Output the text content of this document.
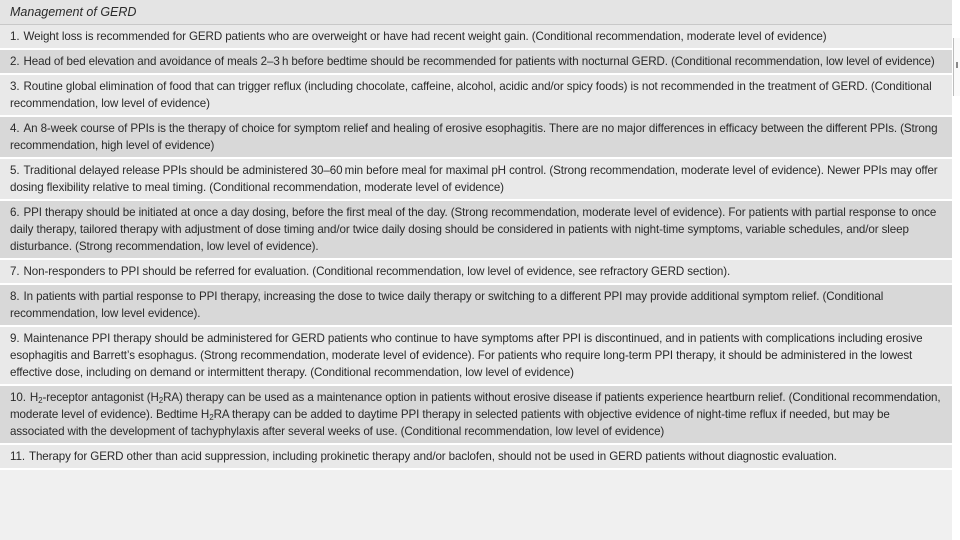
Management of GERD
1. Weight loss is recommended for GERD patients who are overweight or have had recent weight gain. (Conditional recommendation, moderate level of evidence)
2. Head of bed elevation and avoidance of meals 2–3 h before bedtime should be recommended for patients with nocturnal GERD. (Conditional recommendation, low level of evidence)
3. Routine global elimination of food that can trigger reflux (including chocolate, caffeine, alcohol, acidic and/or spicy foods) is not recommended in the treatment of GERD. (Conditional recommendation, low level of evidence)
4. An 8-week course of PPIs is the therapy of choice for symptom relief and healing of erosive esophagitis. There are no major differences in efficacy between the different PPIs. (Strong recommendation, high level of evidence)
5. Traditional delayed release PPIs should be administered 30–60 min before meal for maximal pH control. (Strong recommendation, moderate level of evidence). Newer PPIs may offer dosing flexibility relative to meal timing. (Conditional recommendation, moderate level of evidence)
6. PPI therapy should be initiated at once a day dosing, before the first meal of the day. (Strong recommendation, moderate level of evidence). For patients with partial response to once daily therapy, tailored therapy with adjustment of dose timing and/or twice daily dosing should be considered in patients with night-time symptoms, variable schedules, and/or sleep disturbance. (Strong recommendation, low level of evidence).
7. Non-responders to PPI should be referred for evaluation. (Conditional recommendation, low level of evidence, see refractory GERD section).
8. In patients with partial response to PPI therapy, increasing the dose to twice daily therapy or switching to a different PPI may provide additional symptom relief. (Conditional recommendation, low level evidence).
9. Maintenance PPI therapy should be administered for GERD patients who continue to have symptoms after PPI is discontinued, and in patients with complications including erosive esophagitis and Barrett’s esophagus. (Strong recommendation, moderate level of evidence). For patients who require long-term PPI therapy, it should be administered in the lowest effective dose, including on demand or intermittent therapy. (Conditional recommendation, low level of evidence)
10. $H_2$-receptor antagonist $(H_2RA)$ therapy can be used as a maintenance option in patients without erosive disease if patients experience heartburn relief. (Conditional recommendation, moderate level of evidence). Bedtime $H_2RA$ therapy can be added to daytime PPI therapy in selected patients with objective evidence of night-time reflux if needed, but may be associated with the development of tachyphylaxis after several weeks of use. (Conditional recommendation, low level of evidence)
11. Therapy for GERD other than acid suppression, including prokinetic therapy and/or baclofen, should not be used in GERD patients without diagnostic evaluation.
